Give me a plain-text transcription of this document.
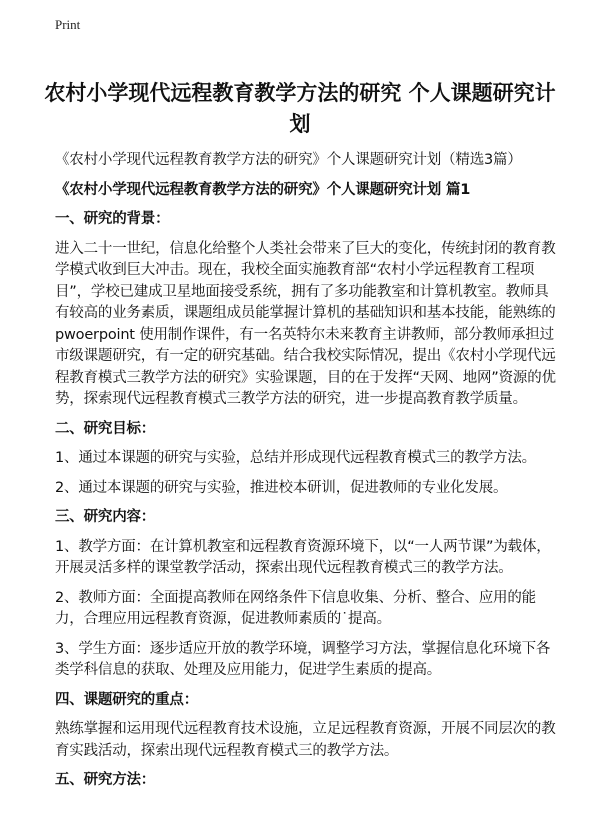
Print
农村小学现代远程教育教学方法的研究 个人课题研究计划
《农村小学现代远程教育教学方法的研究》个人课题研究计划（精选3篇）
《农村小学现代远程教育教学方法的研究》个人课题研究计划 篇1
一、研究的背景：
进入二十一世纪，信息化给整个人类社会带来了巨大的变化，传统封闭的教育教学模式收到巨大冲击。现在，我校全面实施教育部“农村小学远程教育工程项目”，学校已建成卫星地面接受系统，拥有了多功能教室和计算机教室。教师具有较高的业务素质，课题组成员能掌握计算机的基础知识和基本技能，能熟练的pwoerpoint 使用制作课件，有一名英特尔未来教育主讲教师，部分教师承担过市级课题研究，有一定的研究基础。结合我校实际情况，提出《农村小学现代远程教育模式三教学方法的研究》实验课题，目的在于发挥“天网、地网”资源的优势，探索现代远程教育模式三教学方法的研究，进一步提高教育教学质量。
二、研究目标：
1、通过本课题的研究与实验，总结并形成现代远程教育模式三的教学方法。
2、通过本课题的研究与实验，推进校本研训，促进教师的专业化发展。
三、研究内容：
1、教学方面：在计算机教室和远程教育资源环境下，以“一人两节课”为载体，开展灵活多样的课堂教学活动，探索出现代远程教育模式三的教学方法。
2、教师方面：全面提高教师在网络条件下信息收集、分析、整合、应用的能力，合理应用远程教育资源，促进教师素质的˙提高。
3、学生方面：逐步适应开放的教学环境，调整学习方法，掌握信息化环境下各类学科信息的获取、处理及应用能力，促进学生素质的提高。
四、课题研究的重点：
熟练掌握和运用现代远程教育技术设施，立足远程教育资源，开展不同层次的教育实践活动，探索出现代远程教育模式三的教学方法。
五、研究方法：
